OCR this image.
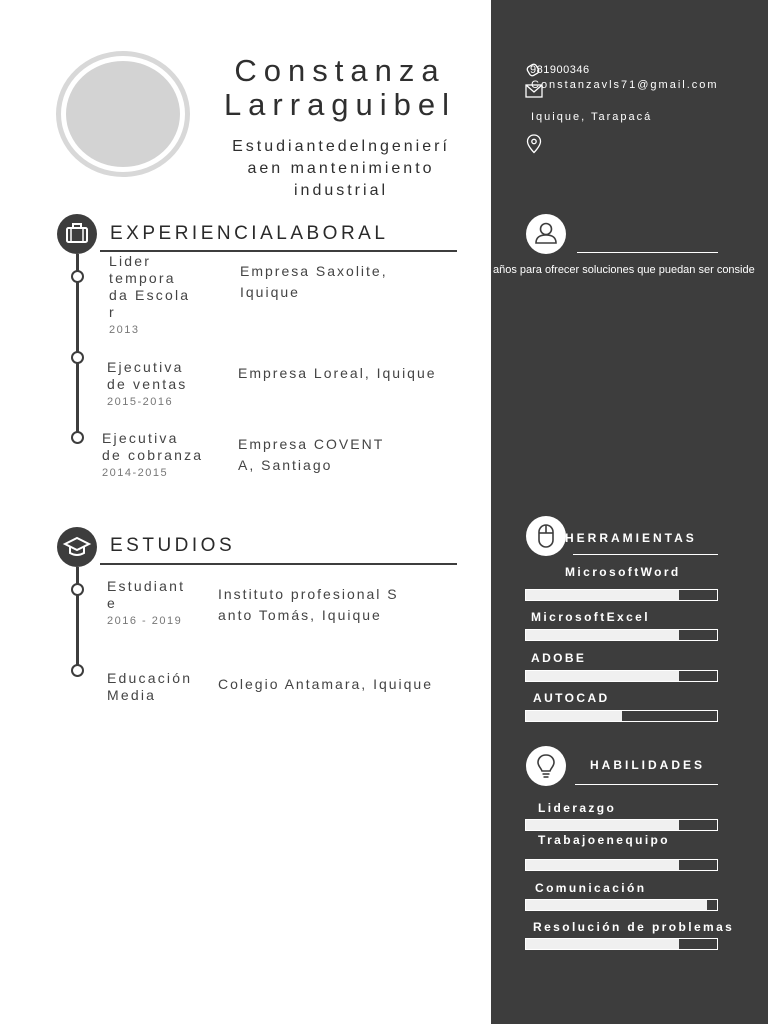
Constanza
Larraguibel
Estudiantedelngenierí
aen mantenimiento
industrial
EXPERIENCIALABORAL
Lider
temporа
da Escola
r
2013
Empresa Saxolite,
Iquique
Ejecutiva
de ventas
2015-2016
Empresa Loreal, Iquique
Ejecutiva
de cobranza
2014-2015
Empresa COVENT
A, Santiago
ESTUDIOS
Estudiant
e
2016 - 2019
Instituto profesional S
anto Tomás, Iquique
Educación
Media
Colegio Antamara, Iquique
981900346
Constanzavls71@gmail.com
Iquique, Tarapacá
años para ofrecer soluciones que puedan ser conside
HERRAMIENTAS
MicrosoftWord
MicrosoftExcel
ADOBE
AUTOCAD
HABILIDADES
Liderazgo
Trabajoenequipo
Comunicación
Resolución de problemas
